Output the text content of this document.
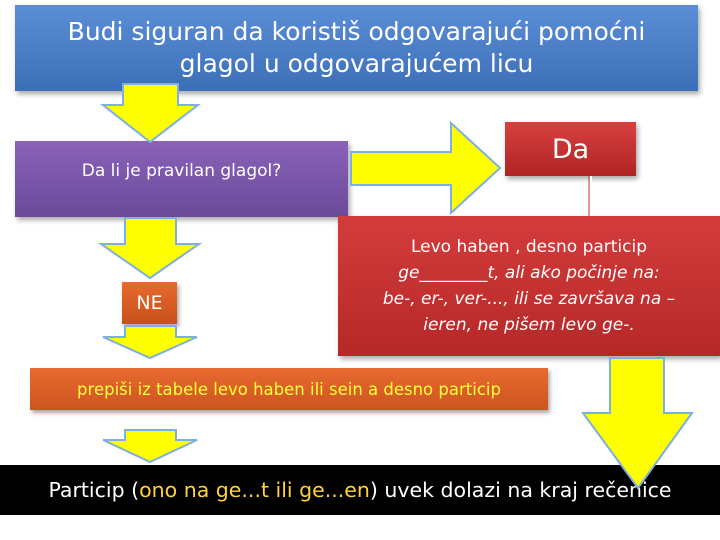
Budi siguran da koristiš odgovarajući pomoćni
glagol u odgovarajućem licu
Da li je pravilan glagol?
Da
NE
Levo haben , desno particip
ge________t, ali ako počinje na:
be-, er-, ver-..., ili se završava na –
ieren, ne pišem levo ge-.
prepiši iz tabele levo haben ili sein a desno particip
Particip (ono na ge...t ili ge...en) uvek dolazi na kraj rečenice
